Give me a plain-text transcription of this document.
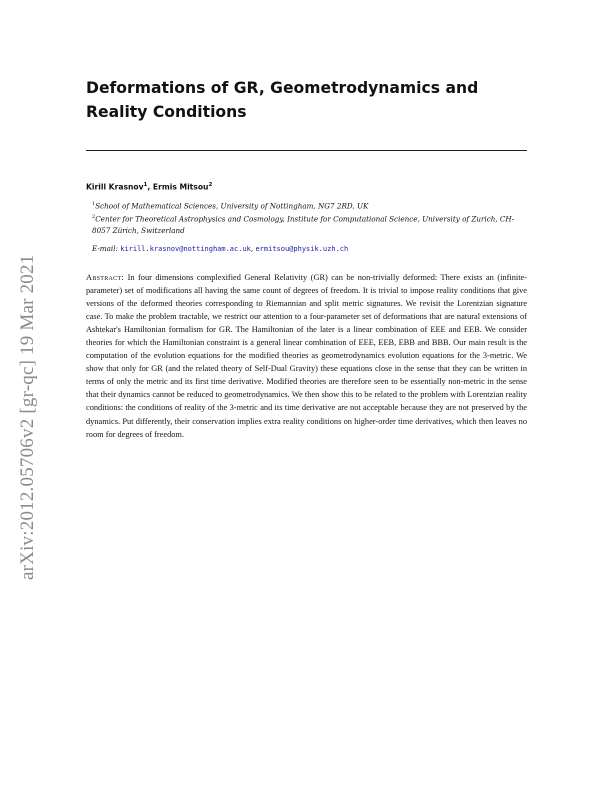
arXiv:2012.05706v2 [gr-qc] 19 Mar 2021
Deformations of GR, Geometrodynamics and Reality Conditions
Kirill Krasnov$^1$, Ermis Mitsou$^2$
$^1$School of Mathematical Sciences, University of Nottingham, NG7 2RD, UK
$^2$Center for Theoretical Astrophysics and Cosmology, Institute for Computational Science, University of Zurich, CH-8057 Zürich, Switzerland
E-mail: kirill.krasnov@nottingham.ac.uk, ermitsou@physik.uzh.ch
Abstract: In four dimensions complexified General Relativity (GR) can be non-trivially deformed: There exists an (infinite-parameter) set of modifications all having the same count of degrees of freedom. It is trivial to impose reality conditions that give versions of the deformed theories corresponding to Riemannian and split metric signatures. We revisit the Lorentzian signature case. To make the problem tractable, we restrict our attention to a four-parameter set of deformations that are natural extensions of Ashtekar's Hamiltonian formalism for GR. The Hamiltonian of the later is a linear combination of EEE and EEB. We consider theories for which the Hamiltonian constraint is a general linear combination of EEE, EEB, EBB and BBB. Our main result is the computation of the evolution equations for the modified theories as geometrodynamics evolution equations for the 3-metric. We show that only for GR (and the related theory of Self-Dual Gravity) these equations close in the sense that they can be written in terms of only the metric and its first time derivative. Modified theories are therefore seen to be essentially non-metric in the sense that their dynamics cannot be reduced to geometrodynamics. We then show this to be related to the problem with Lorentzian reality conditions: the conditions of reality of the 3-metric and its time derivative are not acceptable because they are not preserved by the dynamics. Put differently, their conservation implies extra reality conditions on higher-order time derivatives, which then leaves no room for degrees of freedom.
